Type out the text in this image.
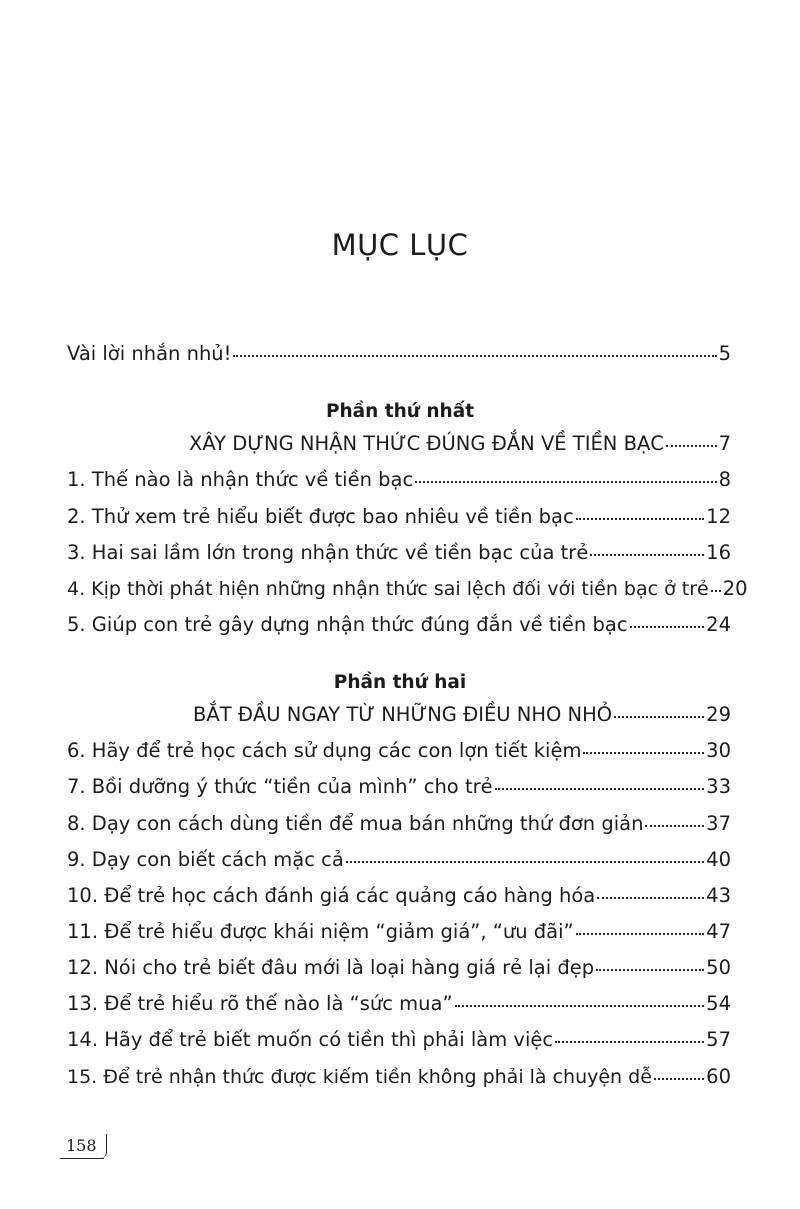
MỤC LỤC
Vài lời nhắn nhủ!	5
XÂY DỰNG NHẬN THỨC ĐÚNG ĐẮN VỀ TIỀN BẠC	7
1. Thế nào là nhận thức về tiền bạc	8
2. Thử xem trẻ hiểu biết được bao nhiêu về tiền bạc	12
3. Hai sai lầm lớn trong nhận thức về tiền bạc của trẻ	16
4. Kịp thời phát hiện những nhận thức sai lệch đối với tiền bạc ở trẻ 20
5. Giúp con trẻ gây dựng nhận thức đúng đắn về tiền bạc	24
BẮT ĐẦU NGAY TỪ NHỮNG ĐIỀU NHO NHỎ	29
6. Hãy để trẻ học cách sử dụng các con lợn tiết kiệm	30
7. Bồi dưỡng ý thức “tiền của mình” cho trẻ	33
8. Dạy con cách dùng tiền để mua bán những thứ đơn giản	37
9. Dạy con biết cách mặc cả	40
10. Để trẻ học cách đánh giá các quảng cáo hàng hóa	43
11. Để trẻ hiểu được khái niệm “giảm giá”, “ưu đãi”	47
12. Nói cho trẻ biết đâu mới là loại hàng giá rẻ lại đẹp	50
13. Để trẻ hiểu rõ thế nào là “sức mua”	54
14. Hãy để trẻ biết muốn có tiền thì phải làm việc	57
15. Để trẻ nhận thức được kiếm tiền không phải là chuyện dễ	60
Phần thứ nhất
Phần thứ hai
158
